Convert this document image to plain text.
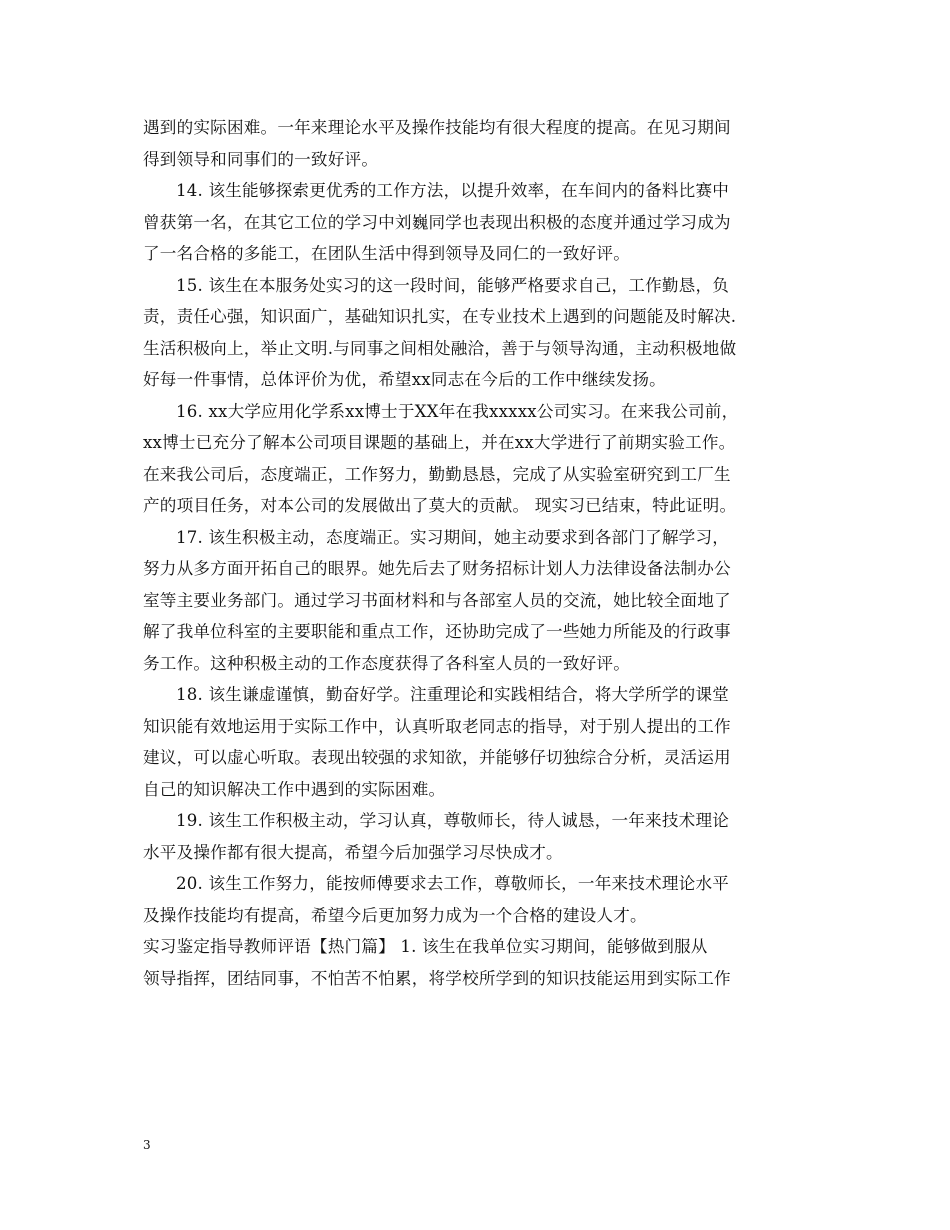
遇到的实际困难。一年来理论水平及操作技能均有很大程度的提高。在见习期间
得到领导和同事们的一致好评。
14. 该生能够探索更优秀的工作方法，以提升效率，在车间内的备料比赛中
曾获第一名，在其它工位的学习中刘巍同学也表现出积极的态度并通过学习成为
了一名合格的多能工，在团队生活中得到领导及同仁的一致好评。
15. 该生在本服务处实习的这一段时间，能够严格要求自己，工作勤恳，负
责，责任心强，知识面广，基础知识扎实，在专业技术上遇到的问题能及时解决.
生活积极向上，举止文明.与同事之间相处融洽，善于与领导沟通，主动积极地做
好每一件事情，总体评价为优，希望xx同志在今后的工作中继续发扬。
16. xx大学应用化学系xx博士于XX年在我xxxxx公司实习。在来我公司前，
xx博士已充分了解本公司项目课题的基础上，并在xx大学进行了前期实验工作。
在来我公司后，态度端正，工作努力，勤勤恳恳，完成了从实验室研究到工厂生
产的项目任务，对本公司的发展做出了莫大的贡献。 现实习已结束，特此证明。
17. 该生积极主动，态度端正。实习期间，她主动要求到各部门了解学习，
努力从多方面开拓自己的眼界。她先后去了财务招标计划人力法律设备法制办公
室等主要业务部门。通过学习书面材料和与各部室人员的交流，她比较全面地了
解了我单位科室的主要职能和重点工作，还协助完成了一些她力所能及的行政事
务工作。这种积极主动的工作态度获得了各科室人员的一致好评。
18. 该生谦虚谨慎，勤奋好学。注重理论和实践相结合，将大学所学的课堂
知识能有效地运用于实际工作中，认真听取老同志的指导，对于别人提出的工作
建议，可以虚心听取。表现出较强的求知欲，并能够仔切独综合分析，灵活运用
自己的知识解决工作中遇到的实际困难。
19. 该生工作积极主动，学习认真，尊敬师长，待人诚恳，一年来技术理论
水平及操作都有很大提高，希望今后加强学习尽快成才。
20. 该生工作努力，能按师傅要求去工作，尊敬师长，一年来技术理论水平
及操作技能均有提高，希望今后更加努力成为一个合格的建设人才。
实习鉴定指导教师评语【热门篇】 1. 该生在我单位实习期间，能够做到服从
领导指挥，团结同事，不怕苦不怕累，将学校所学到的知识技能运用到实际工作
3
